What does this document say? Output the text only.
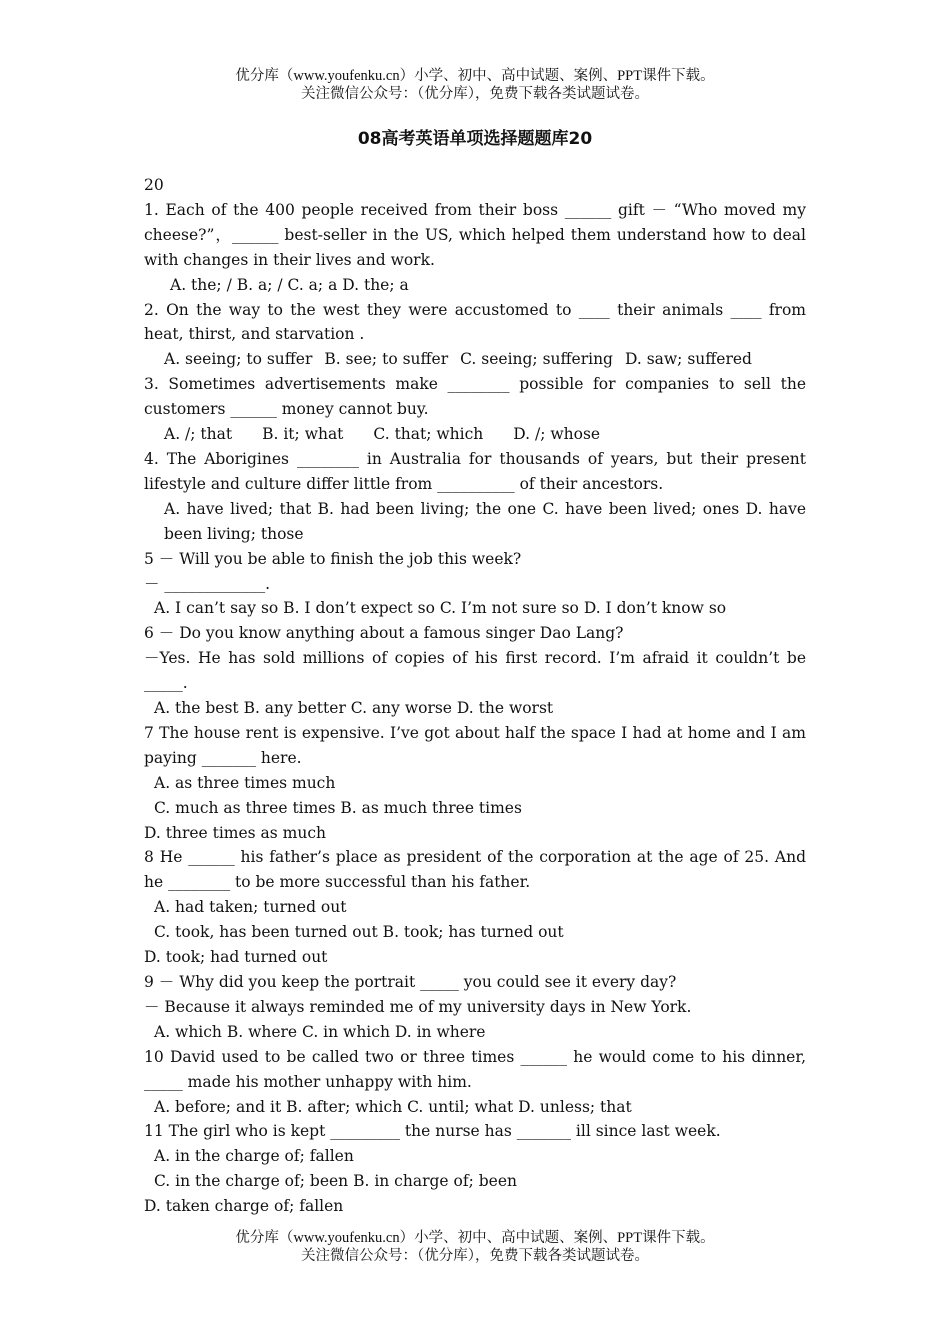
优分库（www.youfenku.cn）小学、初中、高中试题、案例、PPT课件下载。
关注微信公众号：（优分库），免费下载各类试题试卷。
08高考英语单项选择题题库20
20
1. Each of the 400 people received from their boss ______ gift － “Who moved my cheese?”，______ best-seller in the US, which helped them understand how to deal with changes in their lives and work.
A. the; / B. a; / C. a; a D. the; a
2. On the way to the west they were accustomed to ____ their animals ____ from heat, thirst, and starvation .
A. seeing; to suffer B. see; to suffer C. seeing; suffering D. saw; suffered
3. Sometimes advertisements make ________ possible for companies to sell the customers ______ money cannot buy.
A. /; that B. it; what C. that; which D. /; whose
4. The Aborigines ________ in Australia for thousands of years, but their present lifestyle and culture differ little from __________ of their ancestors.
A. have lived; that B. had been living; the one C. have been lived; ones D. have been living; those
5 － Will you be able to finish the job this week?
－ _____________.
A. I can’t say so B. I don’t expect so C. I’m not sure so D. I don’t know so
6 － Do you know anything about a famous singer Dao Lang?
－Yes. He has sold millions of copies of his first record. I’m afraid it couldn’t be _____.
A. the best B. any better C. any worse D. the worst
7 The house rent is expensive. I’ve got about half the space I had at home and I am paying _______ here.
A. as three times much
C. much as three times B. as much three times
D. three times as much
8 He ______ his father’s place as president of the corporation at the age of 25. And he ________ to be more successful than his father.
A. had taken; turned out
C. took, has been turned out B. took; has turned out
D. took; had turned out
9 － Why did you keep the portrait _____ you could see it every day?
－ Because it always reminded me of my university days in New York.
A. which B. where C. in which D. in where
10 David used to be called two or three times ______ he would come to his dinner, _____ made his mother unhappy with him.
A. before; and it B. after; which C. until; what D. unless; that
11 The girl who is kept _________ the nurse has _______ ill since last week.
A. in the charge of; fallen
C. in the charge of; been B. in charge of; been
D. taken charge of; fallen
优分库（www.youfenku.cn）小学、初中、高中试题、案例、PPT课件下载。
关注微信公众号：（优分库），免费下载各类试题试卷。
